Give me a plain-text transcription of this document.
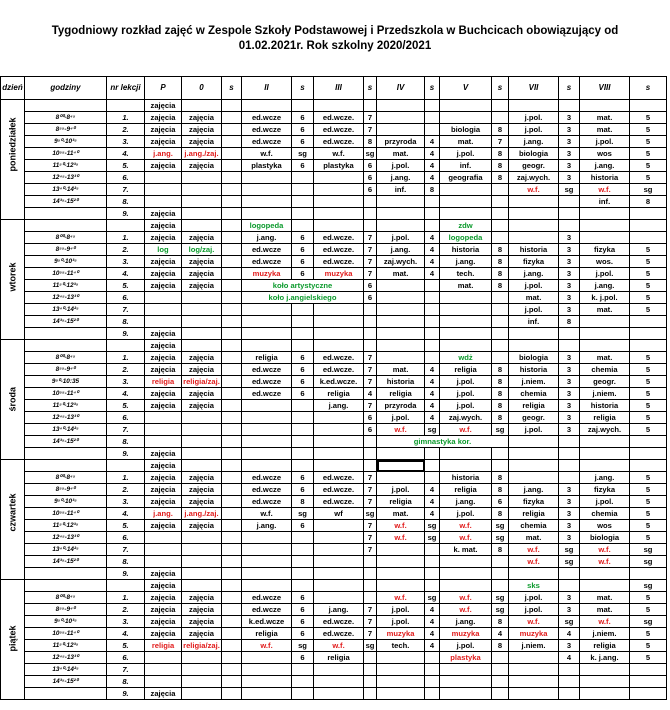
Tygodniowy rozkład zajęć w Zespole Szkoły Podstawowej i Przedszkola w Buchcicach obowiązujący od
01.02.2021r. Rok szkolny 2020/2021
dzień	godziny	nr lekcji	P	0	s	II	s	III	s	IV	s	V	s	VII	s	VIII	s

poniedziałek			zajęcia														
	8⁰⁰-8⁴⁵	1.	zajęcia	zajęcia		ed.wcze	6	ed.wcze.	7					j.pol.	3	mat.	5
	8⁵⁵-9⁴⁰	2.	zajęcia	zajęcia		ed.wcze	6	ed.wcze.	7			biologia	8	j.pol.	3	mat.	5
	9⁵⁰-10³⁵	3.	zajęcia	zajęcia		ed.wcze	6	ed.wcze.	8	przyroda	4	mat.	7	j.ang.	3	j.pol.	5
	10⁵⁵-11⁴⁰	4.	j.ang.	j.ang./zaj.		w.f.	sg	w.f.	sg	mat.	4	j.pol.	8	biologia	3	wos	5
	11⁵⁰-12³⁵	5.	zajęcia	zajęcia		plastyka	6	plastyka	6	j.pol.	4	inf.	8	geogr.	3	j.ang.	5
	12⁴⁵-13³⁰	6.							6	j.ang.	4	geografia	8	zaj.wych.	3	historia	5
	13⁴⁰-14²⁵	7.							6	inf.	8			w.f.	sg	w.f.	sg
	14³⁵-15²⁰	8.														inf.	8
		9.	zajęcia														

wtorek			zajęcia			logopeda						zdw					
	8⁰⁰-8⁴⁵	1.	zajęcia	zajęcia		j.ang.	6	ed.wcze.	7	j.pol.	4	logopeda			3		
	8⁵⁵-9⁴⁰	2.	log	log/zaj.		ed.wcze	6	ed.wcze.	7	j.ang.	4	historia	8	historia	3	fizyka	5
	9⁵⁰-10³⁵	3.	zajęcia	zajęcia		ed.wcze	6	ed.wcze.	7	zaj.wych.	4	j.ang.	8	fizyka	3	wos.	5
	10⁵⁵-11⁴⁰	4.	zajęcia	zajęcia		muzyka	6	muzyka	7	mat.	4	tech.	8	j.ang.	3	j.pol.	5
	11⁵⁰-12³⁵	5.	zajęcia	zajęcia		koło artystyczne			6			mat.	8	j.pol.	3	j.ang.	5
	12⁴⁵-13³⁰	6.				koło j.angielskiego			6					mat.	3	k. j.pol.	5
	13⁴⁰-14²⁵	7.												j.pol.	3	mat.	5
	14³⁵-15²⁰	8.												inf.	8		
		9.	zajęcia														

środa			zajęcia														
	8⁰⁰-8⁴⁵	1.	zajęcia	zajęcia		religia	6	ed.wcze.	7			wdż		biologia	3	mat.	5
	8⁵⁵-9⁴⁰	2.	zajęcia	zajęcia		ed.wcze	6	ed.wcze.	7	mat.	4	religia	8	historia	3	chemia	5
	9⁵⁰-10:35	3.	religia	religia/zaj.		ed.wcze	6	k.ed.wcze.	7	historia	4	j.pol.	8	j.niem.	3	geogr.	5
	10⁵⁵-11⁴⁰	4.	zajęcia	zajęcia		ed.wcze	6	religia	4	religia	4	j.pol.	8	chemia	3	j.niem.	5
	11⁵⁰-12³⁵	5.	zajęcia	zajęcia				j.ang.	7	przyroda	4	j.pol.	8	religia	3	historia	5
	12⁴⁵-13³⁰	6.							6	j.pol.	4	zaj.wych.	8	geogr.	3	religia	5
	13⁴⁰-14²⁵	7.							6	w.f.	sg	w.f.	sg	j.pol.	3	zaj.wych.	5
	14³⁵-15²⁰	8.								gimnastyka kor.							
		9.	zajęcia														

czwartek			zajęcia														
	8⁰⁰-8⁴⁵	1.	zajęcia	zajęcia		ed.wcze	6	ed.wcze.	7			historia	8			j.ang.	5
	8⁵⁵-9⁴⁰	2.	zajęcia	zajęcia		ed.wcze	6	ed.wcze.	7	j.pol.	4	religia	8	j.ang.	3	fizyka	5
	9⁵⁰-10³⁵	3.	zajęcia	zajęcia		ed.wcze	8	ed.wcze.	7	religia	4	j.ang.	6	fizyka	3	j.pol.	5
	10⁵⁵-11⁴⁰	4.	j.ang.	j.ang./zaj.		w.f.	sg	wf	sg	mat.	4	j.pol.	8	religia	3	chemia	5
	11⁵⁰-12³⁵	5.	zajęcia	zajęcia		j.ang.	6		7	w.f.	sg	w.f.	sg	chemia	3	wos	5
	12⁴⁵-13³⁰	6.							7	w.f.	sg	w.f.	sg	mat.	3	biologia	5
	13⁴⁰-14²⁵	7.							7			k. mat.	8	w.f.	sg	w.f.	sg
	14³⁵-15²⁰	8.												w.f.	sg	w.f.	sg
		9.	zajęcia														

piątek			zajęcia											sks			sg
	8⁰⁰-8⁴⁵	1.	zajęcia	zajęcia		ed.wcze	6			w.f.	sg	w.f.	sg	j.pol.	3	mat.	5
	8⁵⁵-9⁴⁰	2.	zajęcia	zajęcia		ed.wcze	6	j.ang.	7	j.pol.	4	w.f.	sg	j.pol.	3	mat.	5
	9⁵⁰-10³⁵	3.	zajęcia	zajęcia		k.ed.wcze	6	ed.wcze.	7	j.pol.	4	j.ang.	8	w.f.	sg	w.f.	sg
	10⁵⁵-11⁴⁰	4.	zajęcia	zajęcia		religia	6	ed.wcze.	7	muzyka	4	muzyka	4	muzyka	4	j.niem.	5
	11⁵⁰-12³⁵	5.	religia	religia/zaj.		w.f.	sg	w.f.	sg	tech.	4	j.pol.	8	j.niem.	3	religia	5
	12⁴⁵-13³⁰	6.					6	religia				plastyka			4	k. j.ang.	5
	13⁴⁰-14²⁵	7.															
	14³⁵-15²⁰	8.															
		9.	zajęcia														
